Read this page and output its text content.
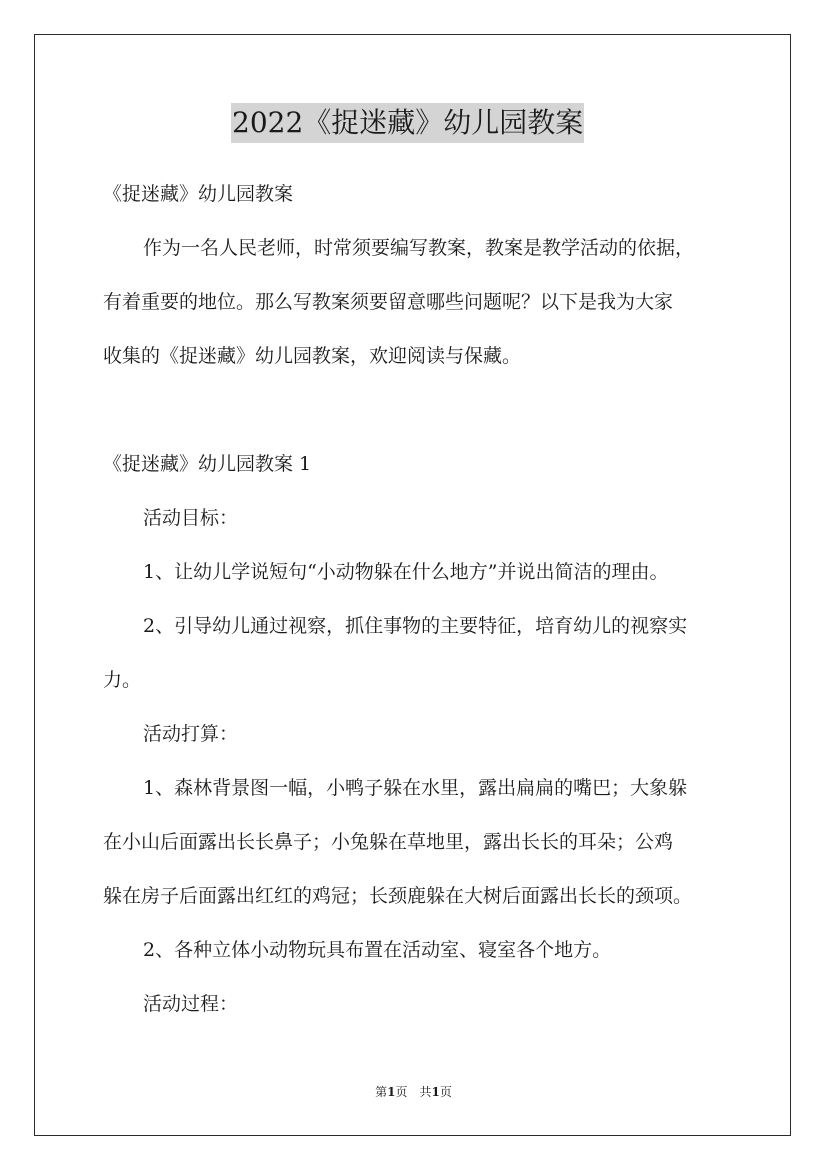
2022《捉迷藏》幼儿园教案
《捉迷藏》幼儿园教案
作为一名人民老师，时常须要编写教案，教案是教学活动的依据，
有着重要的地位。那么写教案须要留意哪些问题呢？以下是我为大家
收集的《捉迷藏》幼儿园教案，欢迎阅读与保藏。
《捉迷藏》幼儿园教案 1
活动目标：
1、让幼儿学说短句“小动物躲在什么地方”并说出简洁的理由。
2、引导幼儿通过视察，抓住事物的主要特征，培育幼儿的视察实
力。
活动打算：
1、森林背景图一幅，小鸭子躲在水里，露出扁扁的嘴巴；大象躲
在小山后面露出长长鼻子；小兔躲在草地里，露出长长的耳朵；公鸡
躲在房子后面露出红红的鸡冠；长颈鹿躲在大树后面露出长长的颈项。
2、各种立体小动物玩具布置在活动室、寝室各个地方。
活动过程：
第1页　共1页
